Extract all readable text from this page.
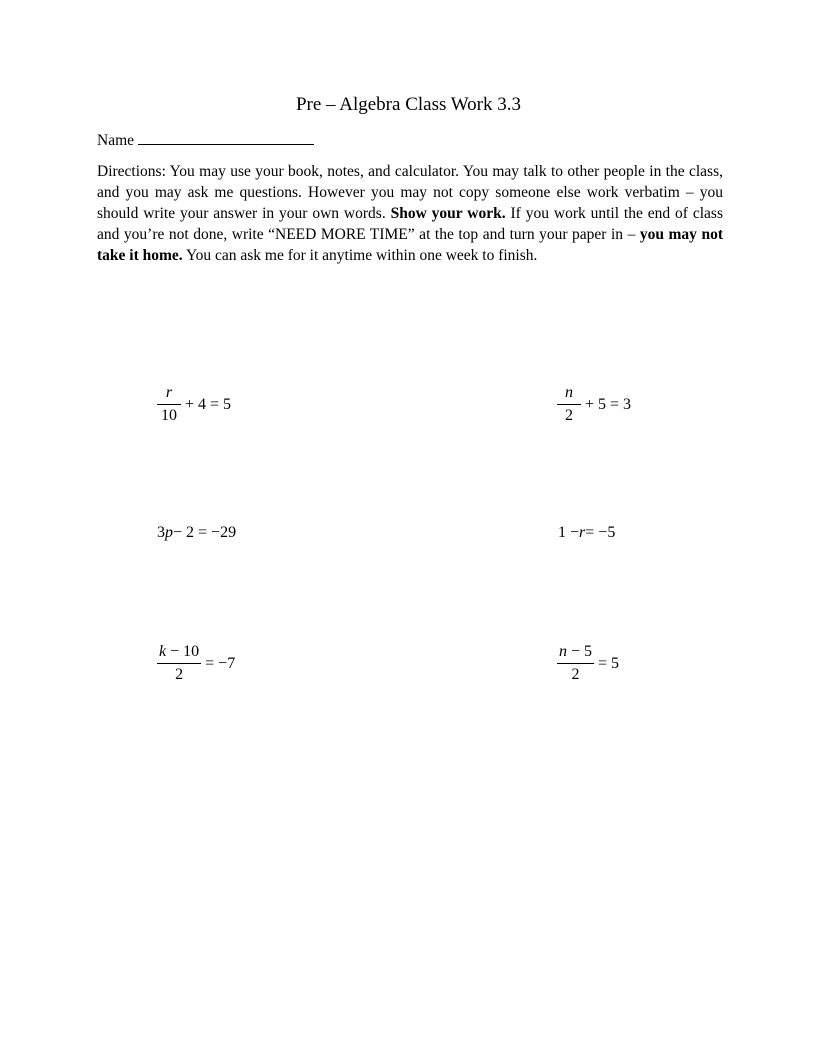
Pre – Algebra Class Work 3.3
Name
Directions: You may use your book, notes, and calculator. You may talk to other people in the class, and you may ask me questions. However you may not copy someone else work verbatim – you should write your answer in your own words. Show your work. If you work until the end of class and you’re not done, write “NEED MORE TIME” at the top and turn your paper in – you may not take it home. You can ask me for it anytime within one week to finish.
$\frac{r}{10} + 4 = 5$	$\frac{n}{2} + 5 = 3$
3 p − 2 = −29	1 − r = −5
$\frac{k - 10}{2} = -7$	$\frac{n - 5}{2} = 5$
